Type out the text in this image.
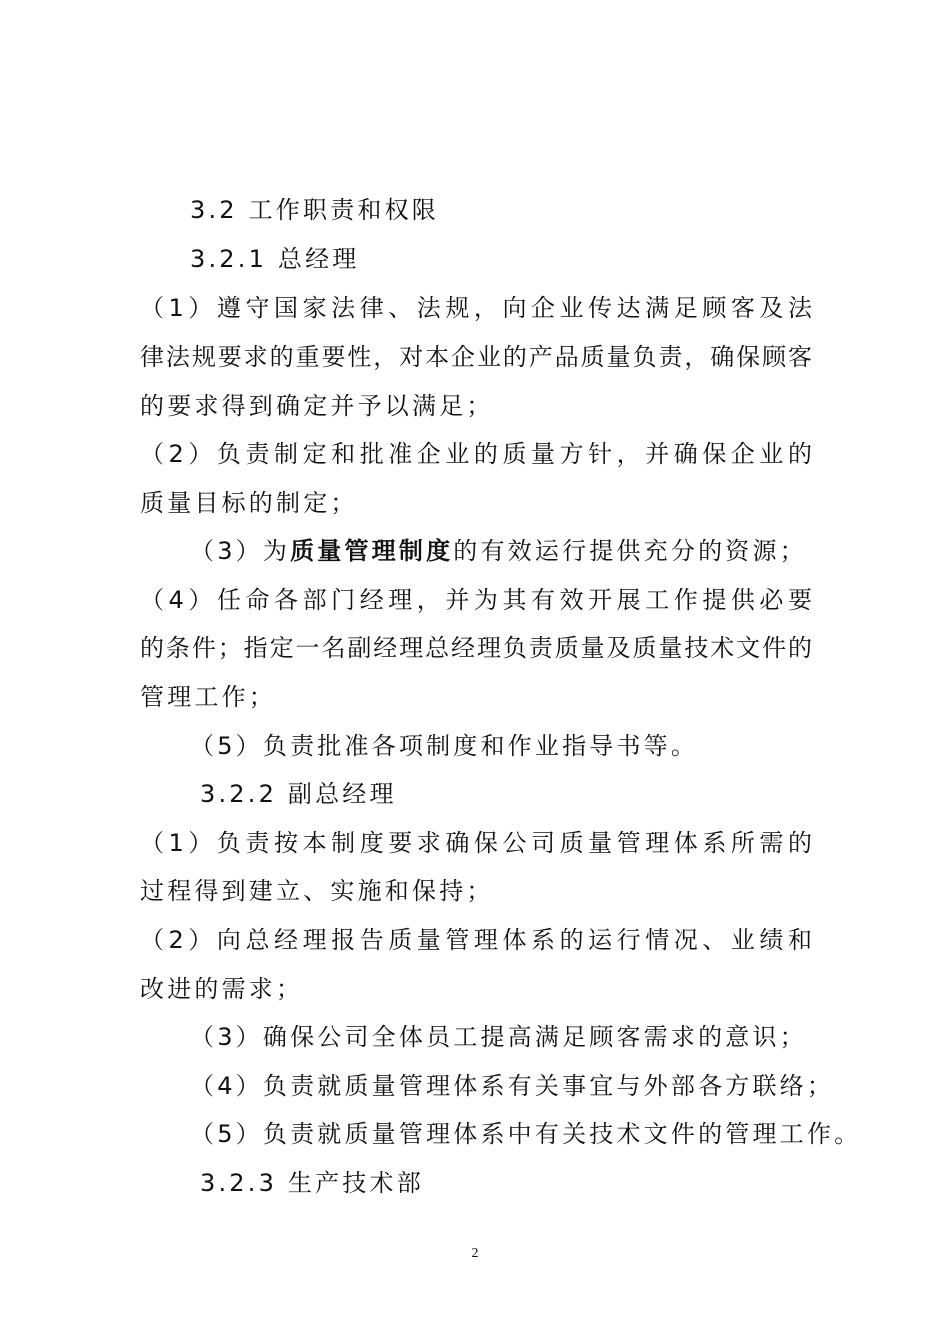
3.2 工作职责和权限
3.2.1 总经理
（1）遵守国家法律、法规，向企业传达满足顾客及法
律法规要求的重要性，对本企业的产品质量负责，确保顾客
的要求得到确定并予以满足；
（2）负责制定和批准企业的质量方针，并确保企业的
质量目标的制定；
（3）为质量管理制度的有效运行提供充分的资源；
（4）任命各部门经理，并为其有效开展工作提供必要
的条件；指定一名副经理总经理负责质量及质量技术文件的
管理工作；
（5）负责批准各项制度和作业指导书等。
3.2.2 副总经理
（1）负责按本制度要求确保公司质量管理体系所需的
过程得到建立、实施和保持；
（2）向总经理报告质量管理体系的运行情况、业绩和
改进的需求；
（3）确保公司全体员工提高满足顾客需求的意识；
（4）负责就质量管理体系有关事宜与外部各方联络；
（5）负责就质量管理体系中有关技术文件的管理工作。
3.2.3 生产技术部
2
